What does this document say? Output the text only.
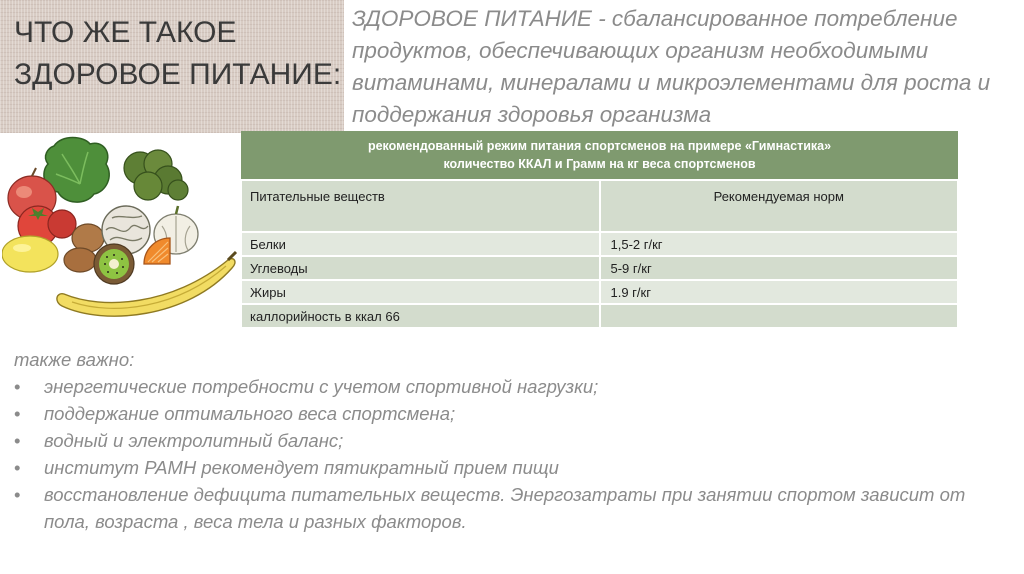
ЧТО ЖЕ ТАКОЕ ЗДОРОВОЕ ПИТАНИЕ:

ЗДОРОВОЕ ПИТАНИЕ - сбалансированное потребление продуктов, обеспечивающих организм необходимыми витаминами, минералами и микроэлементами для роста и поддержания здоровья организма

рекомендованный режим питания спортсменов на примере «Гимнастика»
количество ККАЛ и Грамм на кг веса спортсменов	

Питательные веществ	Рекомендуемая норм
Белки	1,5-2 г/кг
Углеводы	5-9 г/кг
Жиры	1.9 г/кг
каллорийность в ккал 66	

также важно:

• энергетические потребности с учетом спортивной нагрузки;
• поддержание оптимального веса спортсмена;
• водный и электролитный баланс;
• институт РАМН рекомендует пятикратный прием пищи
• восстановление дефицита питательных веществ. Энергозатраты при занятии спортом зависит от пола, возраста , веса тела и разных факторов.
